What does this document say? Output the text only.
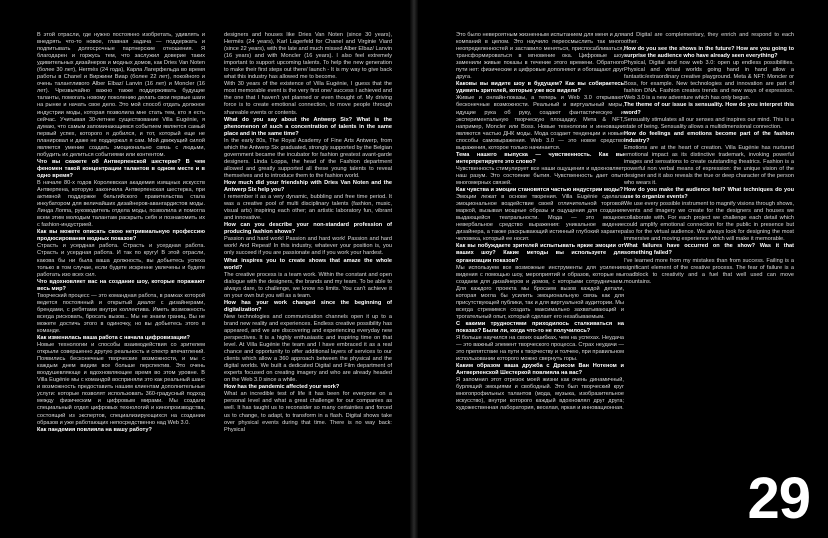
В этой отрасли, где нужно постоянно изобретать, удивлять и внедрять что-то новое, главная задача — поддержать и подпитывать долгосрочные партнерские отношения. Я благодарен и горжусь тем, что заслужил доверие таких удивительных дизайнеров и модных домов, как Dries Van Noten (более 30 лет), Hermès (24 года), Карла Лагерфельда во время работы в Chanel и Виржини Виар (более 22 лет), покойного и очень талантливого Alber Elbaz/ Lanvin (16 лет) и Moncler (16 лет). Чрезвычайно важно также поддерживать будущие таланты, помогать новому поколению делать свои первые шаги на рынке и начать свое дело. Это мой способ отдать должное индустрии моды, которая позволила мне стать тем, кто я есть сейчас. Учитывая 30-летнее существование Villa Eugénie, я думаю, что самым запоминающимся событием является самый первый успех, которого я добился, и тот, который еще не планировал и даже не поддержал я сам. Мой движущий силой является умение создать эмоционально связь с людьми, побудить их делиться событиями или контентом.

Что вы скажете об Антверпенской шестерке? В чем феномен такой концентрации талантов в одном месте и в одно время?

В начале 80-х годов Королевская академия изящных искусств Антверпена, которую закончила Антверпенская шестерка, при активной поддержке бельгийского правительства стала инкубатором для величайших дизайнеров-авангардистов моды. Линда Лоппа, руководитель отдела моды, позволила и помогла всем этим молодым талантам раскрыть себя и познакомить их с fashion-индустрией.

Как вы можете описать свою нетривиальную профессию продюсирования модных показов?

Страсть и усердная работа. Страсть и усердная работа. Страсть и усердная работа. И так по кругу! В этой отрасли, какова бы ни была ваша должность, вы добьетесь успеха только в том случае, если будете искренне увлечены и будете работать изо всех сил.

Что вдохновляет вас на создание шоу, которые поражают весь мир?

Творческий процесс — это командная работа, в рамках которой ведется постоянный и открытый диалог с дизайнерами, брендами, с ребятами внутри коллектива. Иметь возможность всегда рисковать, бросать вызов... Мы не знаем границ. Вы не можете достичь этого в одиночку, но вы добьетесь этого в команде.

Как изменилась ваша работа с начала цифровизации?

Новые технологии и способы взаимодействия со зрителем открыли совершенно другую реальность и спектр впечатлений. Появились бесконечные творческие возможности, и мы с каждым днем видим все больше перспектив. Это очень воодушевляюще и вдохновляющее время во этом уровне. В Villa Eugénie мы с командой восприняли это как реальный шанс и возможность предоставить нашим клиентам дополнительные услуги: которые позволят использовать 360-градусный подход между физическим и цифровым мирами. Мы создали специальный отдел цифровых технологий и кинопроизводства, состоящий из экспертов, специализирующихся на создании образов и уже работающих непосредственно над Web 3.0.

Как пандемия повлияла на вашу работу?

designers and houses like Dries Van Noten (since 30 years), Hermès (24 years), Karl Lagerfeld for Chanel and Virginie Viard (since 22 years), with the late and much missed Alber Elbaz/ Lanvin (16 years) and with Moncler (16 years). I also feel extremely important to support upcoming talents. To help the new generation to make their first steps out there/ launch - It is my way to give back what this industry has allowed me to become.

With 30 years of the existence of Villa Eugénie, I guess that the most memorable event is the very first one/ success I achieved and the one that I haven't yet planned or even thought of. My driving force is to create emotional connection, to move people through shareable events or contents.

What do you say about the Antwerp Six? What is the phenomenon of such a concentration of talents in the same place and in the same time?

In the early 80s, The Royal Academy of Fine Arts Antwerp, from which the Antwerp Six graduated, strongly supported by the Belgian government became the incubator for fashion greatest avant-garde designers. Linda Loppa, the head of the Fashion department allowed and greatly supported all these young talents to reveal themselves and to introduce them to the fashion world.

How much did your friendship with Dries Van Noten and the Antwerp Six help you?

I remember it as a very dynamic, bubbling and free time period. It was a creative pool of multi disciplinary talents (fashion, music, visual arts) inspiring each other; an artistic laboratory fun, vibrant and innovative.

How can you describe your non-standard profession of producing fashion shows?

Passion and hard work! Passion and hard work! Passion and hard work! And Repeat! In this industry, whatever your position is, you only succeed if you are passionate and if you work your hardest.

What inspires you to create shows that amaze the whole world?

The creative process is a team work. Within the constant and open dialogue with the designers, the brands and my team. To be able to always dare, to challenge, we know no limits. You can't achieve it on your own but you will as a team.

How has your work changed since the beginning of digitalization?

New technologies and communication channels open it up to a brand new reality and experiences. Endless creative possibility has appeared, and we are discovering and experiencing everyday new perspectives. It is a highly enthusiastic and inspiring time on that level. At Villa Eugénie the team and I have embraced it as a real chance and opportunity to offer additional layers of services to our clients which allow a 360 approach between the physical and the digital worlds. We built a dedicated Digital and Film department of experts focused on creating imagery and who are already headed on the Web 3.0 since a while.

How has the pandemic affected your work?

What an incredible test of life it has been for everyone on a personal level and what a great challenge for our companies as well. It has taught us to reconsider so many certainties and forced us to change, to adapt, to transform in a flash. Digital shows take over physical events during that time. There is no way back: Physical

Это было невероятным жизненным испытанием для меня и для компаний в целом. Это научило переосмыслить так много неопределенностей и заставило меняться, приспосабливаться, трансформироваться в мгновение ока. Цифровые шоу заменили живые показы в течение этого времени. Обратного пути нет: физические и цифровые дополняют и обогащают друг друга.

Каковы вы видите шоу в будущем? Как вы собираетесь удивить зрителей, которые уже все видели?

Живые и онлайн-показы, а теперь и Web 3.0 открывают бесконечные возможности. Реальный и виртуальный миры, идущие рука об руку, создают фантастическую и экспериментальную творческую площадку. Мета & NFT, например, Moncler или Boss. Новые технологии и инновации являются частью ДНК моды. Мода создает тенденции и новые способы самовыражения. Web 3.0 — это новое средство выражения, которое только начинается.

Тема нашего выпуска — чувственность. Как вы интерпретируете это слово?

Чувственность стимулирует все наши ощущения и вдохновляет наш разум. Это состояние бытия. Чувственность дает опыт многомерных связей.

Как чувства и эмоции становятся частью индустрии моды?

Эмоции лежат в основе творения. Villa Eugénie сделала эмоциональное воздействие своей отличительной торговой маркой, вызывая мощные образы и ощущения для создания выдающейся театральности. Мода — это мощное невербальное средство выражения: уникальное видение дизайнера, а также раскрывающий истинный глубокий характер человека, который ее носит.

Как вы побуждаете зрителей испытывать яркие эмоции от ваших шоу? Какие методы вы используете для организации показов?

Мы используем все возможные инструменты для усиления видения с помощью шоу, мероприятий и образов, которые мы создаем для дизайнеров и домов, с которыми сотрудничаем. Для каждого проекта мы бросаем вызов каждой детали, которая могла бы усилить эмоциональную связь как для присутствующей публики, так и для виртуальной аудитории. Мы всегда стремимся создать максимально захватывающий и трогательный опыт, который сделает его незабываемым.

С какими трудностями приходилось сталкиваться на показах? Были ли, когда что-то не получилось?

Я больше научился на своих ошибках, чем на успехах. Неудача — это важный элемент творческого процесса. Страх неудачи — это препятствие на пути к творчеству и толчею, при правильном использовании которого можно свернуть горы.

Каким образом ваша дружба с Дрисом Ван Нотеном и Антверпенской Шестеркой повлияла на вас?

Я запомнил этот отрезок моей жизни как очень динамичный, бурлящий эмоциями и свободный. Это был творческий круг многопрофильных талантов (мода, музыка, изобразительное искусство), внутри которого каждый вдохновлял друг друга; художественная лаборатория, веселая, яркая и инновационная.

and Digital are complementary, they enrich and respond to each other.

How do you see the shows in the future? How are you going to surprise the audience who have already seen everything?

Physical, Digital and now web 3.0: open up endless possibilities. Physical and virtual worlds going hand in hand allow a fantastic/extraordinary creative playground. Meta & NFT: Moncler or Boss, for example. New technologies and innovation are part of fashion DNA. Fashion creates trends and new ways of expression. Web 3.0 is a new adventure which has only begun.

The theme of our issue is sensuality. How do you interpret this word?

Sensuality stimulates all our senses and inspires our mind. This is a state of being. Sensuality allows a multidimensional connection.

How do feelings and emotions become part of the fashion industry?

Emotions are at the heart of creation. Villa Eugénie has nurtured emotional impact as its distinctive trademark, invoking powerful images and sensations to create outstanding theatrics. Fashion is a powerful non verbal means of expression: the unique vision of the designer and it also reveals the true or deep character of the person who wears it.

How do you make the audience feel? What techniques do you use to organize events?

We use every possible instrument to magnify visions through shows, events and imagery we create for the designers and houses we collaborate with. For each project we challenge each detail which could amplify emotional connection for the public in presence but also for the virtual audience. We always look for designing the most immersive and moving experience which will make it memorable.

What failures have occurred on the show? Was it that something failed?

I've learned more from my mistakes than from success. Failing is a significant element of the creative process. The fear of failure is a roadblock to creativity and a fuel that well used can move mountains.

29
